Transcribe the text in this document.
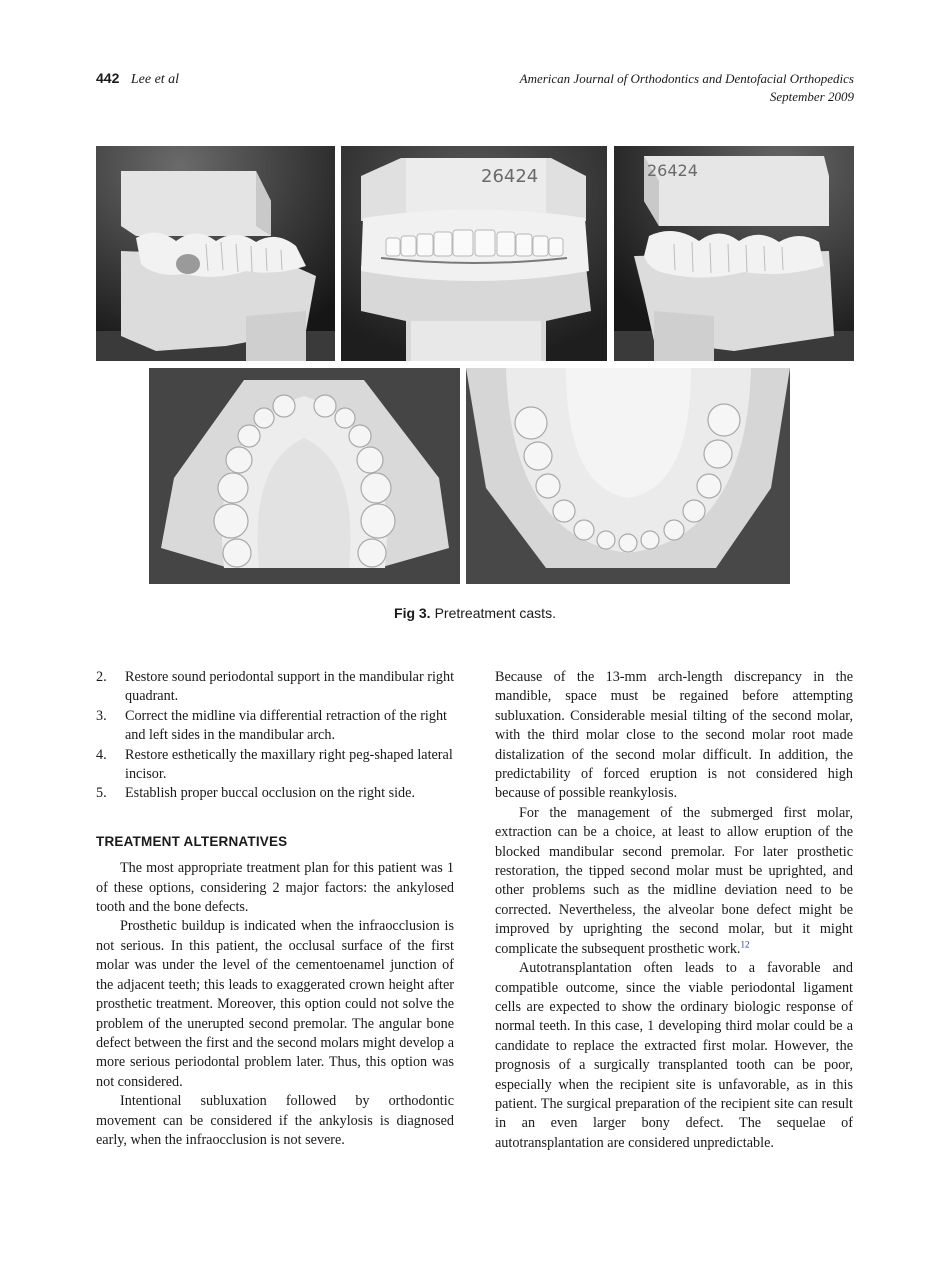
442 Lee et al	American Journal of Orthodontics and Dentofacial Orthopedics
September 2009
26424	26424
Fig 3. Pretreatment casts.
2. Restore sound periodontal support in the mandibular right quadrant.
3. Correct the midline via differential retraction of the right and left sides in the mandibular arch.
4. Restore esthetically the maxillary right peg-shaped lateral incisor.
5. Establish proper buccal occlusion on the right side.
TREATMENT ALTERNATIVES

The most appropriate treatment plan for this patient was 1 of these options, considering 2 major factors: the ankylosed tooth and the bone defects.

Prosthetic buildup is indicated when the infraocclusion is not serious. In this patient, the occlusal surface of the first molar was under the level of the cementoenamel junction of the adjacent teeth; this leads to exaggerated crown height after prosthetic treatment. Moreover, this option could not solve the problem of the unerupted second premolar. The angular bone defect between the first and the second molars might develop a more serious periodontal problem later. Thus, this option was not considered.

Intentional subluxation followed by orthodontic movement can be considered if the ankylosis is diagnosed early, when the infraocclusion is not severe.

Because of the 13-mm arch-length discrepancy in the mandible, space must be regained before attempting subluxation. Considerable mesial tilting of the second molar, with the third molar close to the second molar root made distalization of the second molar difficult. In addition, the predictability of forced eruption is not considered high because of possible reankylosis.

For the management of the submerged first molar, extraction can be a choice, at least to allow eruption of the blocked mandibular second premolar. For later prosthetic restoration, the tipped second molar must be uprighted, and other problems such as the midline deviation need to be corrected. Nevertheless, the alveolar bone defect might be improved by uprighting the second molar, but it might complicate the subsequent prosthetic work.$^{12}$

Autotransplantation often leads to a favorable and compatible outcome, since the viable periodontal ligament cells are expected to show the ordinary biologic response of normal teeth. In this case, 1 developing third molar could be a candidate to replace the extracted first molar. However, the prognosis of a surgically transplanted tooth can be poor, especially when the recipient site is unfavorable, as in this patient. The surgical preparation of the recipient site can result in an even larger bony defect. The sequelae of autotransplantation are considered unpredictable.
